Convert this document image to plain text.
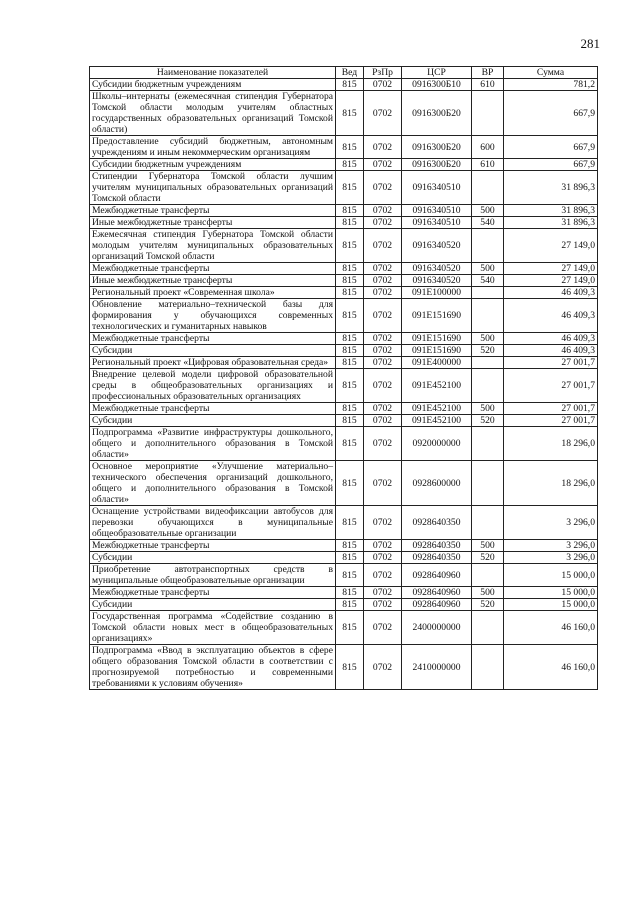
281
Наименование показателей	Вед	РзПр	ЦСР	ВР	Сумма
Субсидии бюджетным учреждениям	815	0702	0916300Б10	610	781,2
Школы–интернаты (ежемесячная стипендия Губернатора Томской области молодым учителям областных государственных образовательных организаций Томской области)	815	0702	0916300Б20		667,9
Предоставление субсидий бюджетным, автономным учреждениям и иным некоммерческим организациям	815	0702	0916300Б20	600	667,9
Субсидии бюджетным учреждениям	815	0702	0916300Б20	610	667,9
Стипендии Губернатора Томской области лучшим учителям муниципальных образовательных организаций Томской области	815	0702	0916340510		31 896,3
Межбюджетные трансферты	815	0702	0916340510	500	31 896,3
Иные межбюджетные трансферты	815	0702	0916340510	540	31 896,3
Ежемесячная стипендия Губернатора Томской области молодым учителям муниципальных образовательных организаций Томской области	815	0702	0916340520		27 149,0
Межбюджетные трансферты	815	0702	0916340520	500	27 149,0
Иные межбюджетные трансферты	815	0702	0916340520	540	27 149,0
Региональный проект «Современная школа»	815	0702	091E100000		46 409,3
Обновление материально–технической базы для формирования у обучающихся современных технологических и гуманитарных навыков	815	0702	091E151690		46 409,3
Межбюджетные трансферты	815	0702	091E151690	500	46 409,3
Субсидии	815	0702	091E151690	520	46 409,3
Региональный проект «Цифровая образовательная среда»	815	0702	091E400000		27 001,7
Внедрение целевой модели цифровой образовательной среды в общеобразовательных организациях и профессиональных образовательных организациях	815	0702	091E452100		27 001,7
Межбюджетные трансферты	815	0702	091E452100	500	27 001,7
Субсидии	815	0702	091E452100	520	27 001,7
Подпрограмма «Развитие инфраструктуры дошкольного, общего и дополнительного образования в Томской области»	815	0702	0920000000		18 296,0
Основное мероприятие «Улучшение материально–технического обеспечения организаций дошкольного, общего и дополнительного образования в Томской области»	815	0702	0928600000		18 296,0
Оснащение устройствами видеофиксации автобусов для перевозки обучающихся в муниципальные общеобразовательные организации	815	0702	0928640350		3 296,0
Межбюджетные трансферты	815	0702	0928640350	500	3 296,0
Субсидии	815	0702	0928640350	520	3 296,0
Приобретение автотранспортных средств в муниципальные общеобразовательные организации	815	0702	0928640960		15 000,0
Межбюджетные трансферты	815	0702	0928640960	500	15 000,0
Субсидии	815	0702	0928640960	520	15 000,0
Государственная программа «Содействие созданию в Томской области новых мест в общеобразовательных организациях»	815	0702	2400000000		46 160,0
Подпрограмма «Ввод в эксплуатацию объектов в сфере общего образования Томской области в соответствии с прогнозируемой потребностью и современными требованиями к условиям обучения»	815	0702	2410000000		46 160,0
